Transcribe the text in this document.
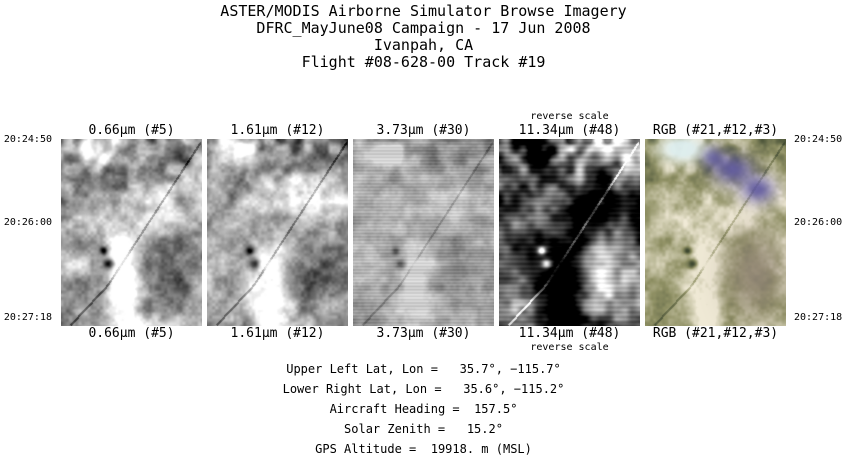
ASTER/MODIS Airborne Simulator Browse Imagery
DFRC_MayJune08 Campaign - 17 Jun 2008
Ivanpah, CA
Flight #08-628-00 Track #19
20:24:50
20:26:00
20:27:18
20:24:50
20:26:00
20:27:18
0.66μm (#5)
0.66μm (#5)
1.61μm (#12)
1.61μm (#12)
3.73μm (#30)
3.73μm (#30)
reverse scale
11.34μm (#48)
11.34μm (#48)
reverse scale
RGB (#21,#12,#3)
RGB (#21,#12,#3)
Upper Left Lat, Lon =   35.7°, −115.7°
Lower Right Lat, Lon =   35.6°, −115.2°
Aircraft Heading =  157.5°
Solar Zenith =   15.2°
GPS Altitude =  19918. m (MSL)
